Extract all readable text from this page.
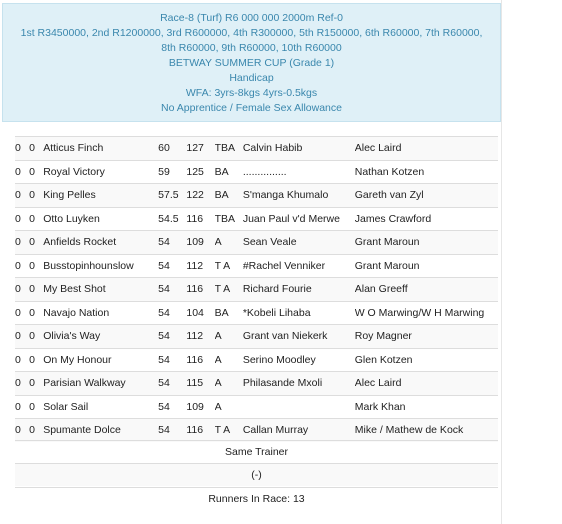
Race-8 (Turf) R6 000 000 2000m Ref-0
1st R3450000, 2nd R1200000, 3rd R600000, 4th R300000, 5th R150000, 6th R60000, 7th R60000,
8th R60000, 9th R60000, 10th R60000
BETWAY SUMMER CUP (Grade 1)
Handicap
WFA: 3yrs-8kgs 4yrs-0.5kgs
No Apprentice / Female Sex Allowance
0	0	Atticus Finch	60	127	TBA	Calvin Habib	Alec Laird
0	0	Royal Victory	59	125	BA	...............	Nathan Kotzen
0	0	King Pelles	57.5	122	BA	S'manga Khumalo	Gareth van Zyl
0	0	Otto Luyken	54.5	116	TBA	Juan Paul v'd Merwe	James Crawford
0	0	Anfields Rocket	54	109	A	Sean Veale	Grant Maroun
0	0	Busstopinhounslow	54	112	T A	#Rachel Venniker	Grant Maroun
0	0	My Best Shot	54	116	T A	Richard Fourie	Alan Greeff
0	0	Navajo Nation	54	104	BA	*Kobeli Lihaba	W O Marwing/W H Marwing
0	0	Olivia's Way	54	112	A	Grant van Niekerk	Roy Magner
0	0	On My Honour	54	116	A	Serino Moodley	Glen Kotzen
0	0	Parisian Walkway	54	115	A	Philasande Mxoli	Alec Laird
0	0	Solar Sail	54	109	A		Mark Khan
0	0	Spumante Dolce	54	116	T A	Callan Murray	Mike / Mathew de Kock
Same Trainer
(-)
Runners In Race: 13
